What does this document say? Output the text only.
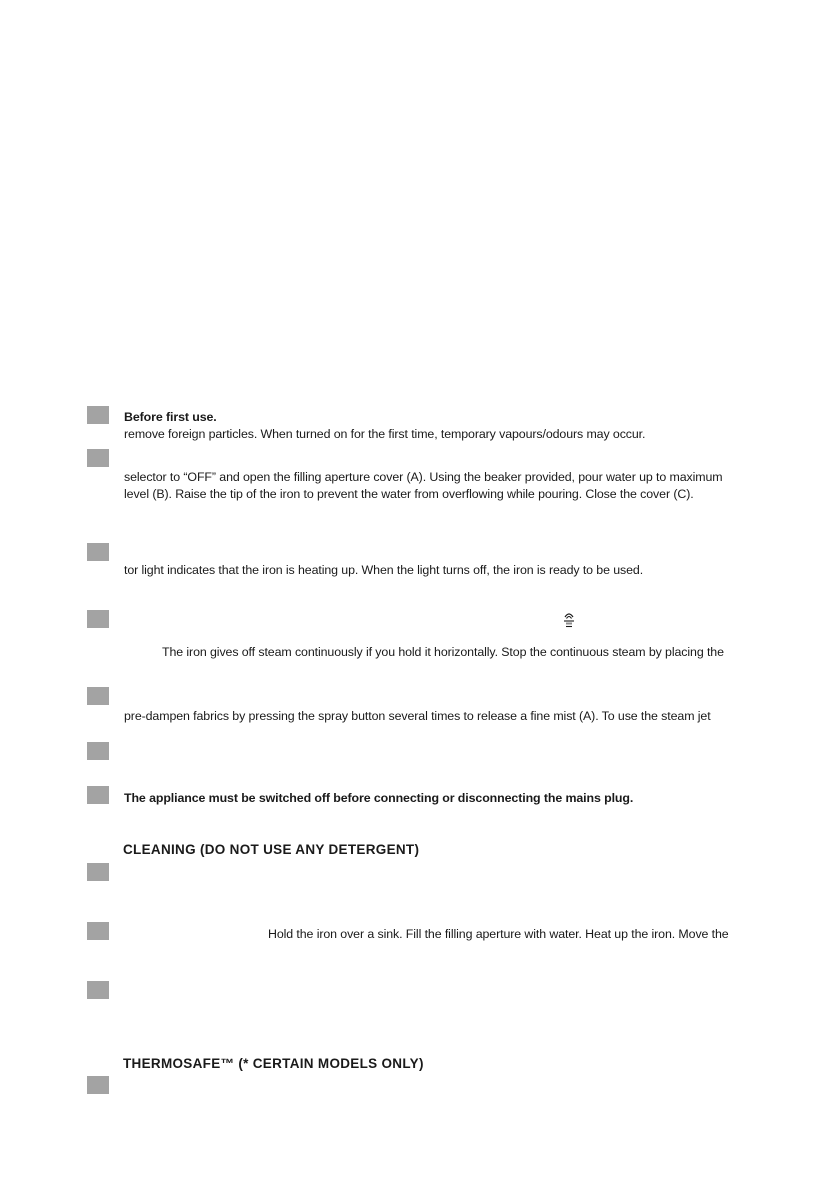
Before first use.
remove foreign particles. When turned on for the first time, temporary vapours/odours may occur.
selector to “OFF” and open the filling aperture cover (A). Using the beaker provided, pour water up to maximum
level (B). Raise the tip of the iron to prevent the water from overflowing while pouring. Close the cover (C).
tor light indicates that the iron is heating up. When the light turns off, the iron is ready to be used.
The iron gives off steam continuously if you hold it horizontally. Stop the continuous steam by placing the
pre-dampen fabrics by pressing the spray button several times to release a fine mist (A). To use the steam jet
The appliance must be switched off before connecting or disconnecting the mains plug.
CLEANING (DO NOT USE ANY DETERGENT)
Hold the iron over a sink. Fill the filling aperture with water. Heat up the iron. Move the
THERMOSAFE™ (* CERTAIN MODELS ONLY)
